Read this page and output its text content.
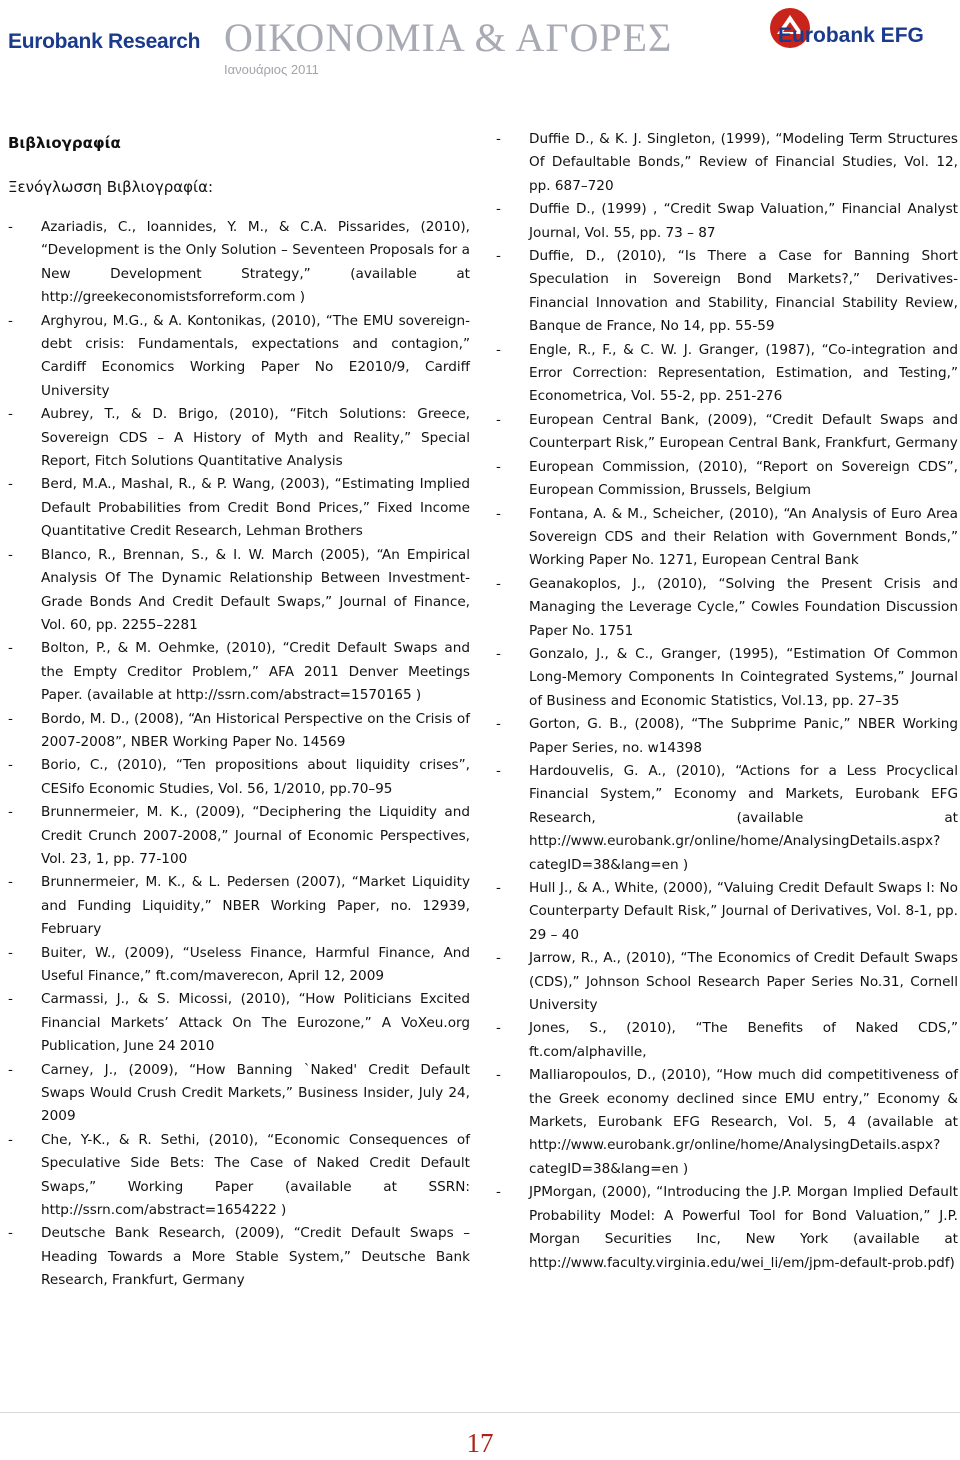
Eurobank Research ΟΙΚΟΝΟΜΙΑ & ΑΓΟΡΕΣ
Ιανουάριος 2011
Eurobank EFG
Βιβλιογραφία
Ξενόγλωσση Βιβλιογραφία:
- Azariadis, C., Ioannides, Y. M., & C.A. Pissarides, (2010), “Development is the Only Solution – Seventeen Proposals for a New Development Strategy,” (available at http://greekeconomistsforreform.com )
- Arghyrou, M.G., & A. Kontonikas, (2010), “The EMU sovereign-debt crisis: Fundamentals, expectations and contagion,” Cardiff Economics Working Paper No E2010/9, Cardiff University
- Aubrey, T., & D. Brigo, (2010), “Fitch Solutions: Greece, Sovereign CDS – A History of Myth and Reality,” Special Report, Fitch Solutions Quantitative Analysis
- Berd, M.A., Mashal, R., & P. Wang, (2003), “Estimating Implied Default Probabilities from Credit Bond Prices,” Fixed Income Quantitative Credit Research, Lehman Brothers
- Blanco, R., Brennan, S., & I. W. March (2005), “An Empirical Analysis Of The Dynamic Relationship Between Investment-Grade Bonds And Credit Default Swaps,” Journal of Finance, Vol. 60, pp. 2255–2281
- Bolton, P., & M. Oehmke, (2010), “Credit Default Swaps and the Empty Creditor Problem,” AFA 2011 Denver Meetings Paper. (available at http://ssrn.com/abstract=1570165 )
- Bordo, M. D., (2008), “An Historical Perspective on the Crisis of 2007-2008”, NBER Working Paper No. 14569
- Borio, C., (2010), “Ten propositions about liquidity crises”, CESifo Economic Studies, Vol. 56, 1/2010, pp.70–95
- Brunnermeier, M. K., (2009), “Deciphering the Liquidity and Credit Crunch 2007-2008,” Journal of Economic Perspectives, Vol. 23, 1, pp. 77-100
- Brunnermeier, M. K., & L. Pedersen (2007), “Market Liquidity and Funding Liquidity,” NBER Working Paper, no. 12939, February
- Buiter, W., (2009), “Useless Finance, Harmful Finance, And Useful Finance,” ft.com/maverecon, April 12, 2009
- Carmassi, J., & S. Micossi, (2010), “How Politicians Excited Financial Markets’ Attack On The Eurozone,” A VoXeu.org Publication, June 24 2010
- Carney, J., (2009), “How Banning `Naked' Credit Default Swaps Would Crush Credit Markets,” Business Insider, July 24, 2009
- Che, Y-K., & R. Sethi, (2010), “Economic Consequences of Speculative Side Bets: The Case of Naked Credit Default Swaps,” Working Paper (available at SSRN: http://ssrn.com/abstract=1654222 )
- Deutsche Bank Research, (2009), “Credit Default Swaps – Heading Towards a More Stable System,” Deutsche Bank Research, Frankfurt, Germany
- Duffie D., & K. J. Singleton, (1999), “Modeling Term Structures Of Defaultable Bonds,” Review of Financial Studies, Vol. 12, pp. 687–720
- Duffie D., (1999) , “Credit Swap Valuation,” Financial Analyst Journal, Vol. 55, pp. 73 – 87
- Duffie, D., (2010), “Is There a Case for Banning Short Speculation in Sovereign Bond Markets?,” Derivatives- Financial Innovation and Stability, Financial Stability Review, Banque de France, No 14, pp. 55-59
- Engle, R., F., & C. W. J. Granger, (1987), “Co-integration and Error Correction: Representation, Estimation, and Testing,” Econometrica, Vol. 55-2, pp. 251-276
- European Central Bank, (2009), “Credit Default Swaps and Counterpart Risk,” European Central Bank, Frankfurt, Germany
- European Commission, (2010), “Report on Sovereign CDS”, European Commission, Brussels, Belgium
- Fontana, A. & M., Scheicher, (2010), “An Analysis of Euro Area Sovereign CDS and their Relation with Government Bonds,” Working Paper No. 1271, European Central Bank
- Geanakoplos, J., (2010), “Solving the Present Crisis and Managing the Leverage Cycle,” Cowles Foundation Discussion Paper No. 1751
- Gonzalo, J., & C., Granger, (1995), “Estimation Of Common Long-Memory Components In Cointegrated Systems,” Journal of Business and Economic Statistics, Vol.13, pp. 27–35
- Gorton, G. B., (2008), “The Subprime Panic,” NBER Working Paper Series, no. w14398
- Hardouvelis, G. A., (2010), “Actions for a Less Procyclical Financial System,” Economy and Markets, Eurobank EFG Research, (available at http://www.eurobank.gr/online/home/AnalysingDetails.aspx?categID=38&lang=en )
- Hull J., & A., White, (2000), “Valuing Credit Default Swaps I: No Counterparty Default Risk,” Journal of Derivatives, Vol. 8-1, pp. 29 – 40
- Jarrow, R., A., (2010), “The Economics of Credit Default Swaps (CDS),” Johnson School Research Paper Series No.31, Cornell University
- Jones, S., (2010), “The Benefits of Naked CDS,” ft.com/alphaville,
- Malliaropoulos, D., (2010), “How much did competitiveness of the Greek economy declined since EMU entry,” Economy & Markets, Eurobank EFG Research, Vol. 5, 4 (available at http://www.eurobank.gr/online/home/AnalysingDetails.aspx?categID=38&lang=en )
- JPMorgan, (2000), “Introducing the J.P. Morgan Implied Default Probability Model: A Powerful Tool for Bond Valuation,” J.P. Morgan Securities Inc, New York (available at http://www.faculty.virginia.edu/wei_li/em/jpm-default-prob.pdf)
17
